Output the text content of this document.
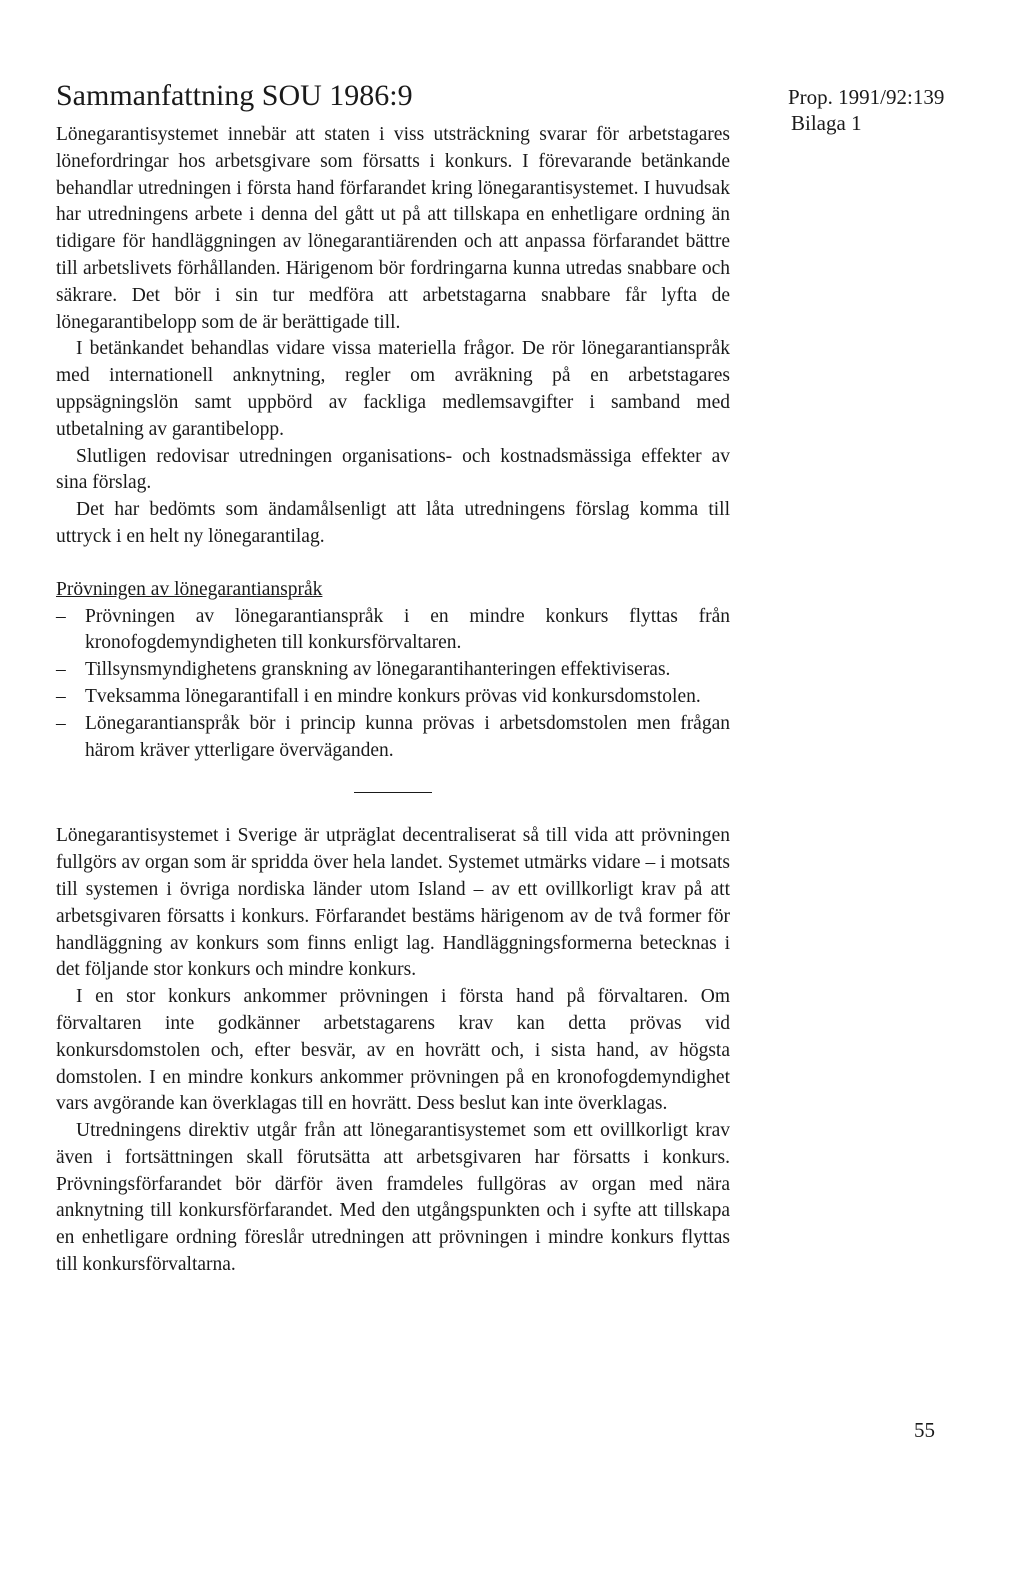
Sammanfattning SOU 1986:9

Lönegarantisystemet innebär att staten i viss utsträckning svarar för arbetstagares lönefordringar hos arbetsgivare som försatts i konkurs. I förevarande betänkande behandlar utredningen i första hand förfarandet kring lönegarantisystemet. I huvudsak har utredningens arbete i denna del gått ut på att tillskapa en enhetligare ordning än tidigare för handläggningen av lönegarantiärenden och att anpassa förfarandet bättre till arbetslivets förhållanden. Härigenom bör fordringarna kunna utredas snabbare och säkrare. Det bör i sin tur medföra att arbetstagarna snabbare får lyfta de lönegarantibelopp som de är berättigade till.

I betänkandet behandlas vidare vissa materiella frågor. De rör lönegarantianspråk med internationell anknytning, regler om avräkning på en arbetstagares uppsägningslön samt uppbörd av fackliga medlemsavgifter i samband med utbetalning av garantibelopp.

Slutligen redovisar utredningen organisations- och kostnadsmässiga effekter av sina förslag.

Det har bedömts som ändamålsenligt att låta utredningens förslag komma till uttryck i en helt ny lönegarantilag.

Prövningen av lönegarantianspråk

– Prövningen av lönegarantianspråk i en mindre konkurs flyttas från kronofogdemyndigheten till konkursförvaltaren.
– Tillsynsmyndighetens granskning av lönegarantihanteringen effektiviseras.
– Tveksamma lönegarantifall i en mindre konkurs prövas vid konkursdomstolen.
– Lönegarantianspråk bör i princip kunna prövas i arbetsdomstolen men frågan härom kräver ytterligare överväganden.

Lönegarantisystemet i Sverige är utpräglat decentraliserat så till vida att prövningen fullgörs av organ som är spridda över hela landet. Systemet utmärks vidare – i motsats till systemen i övriga nordiska länder utom Island – av ett ovillkorligt krav på att arbetsgivaren försatts i konkurs. Förfarandet bestäms härigenom av de två former för handläggning av konkurs som finns enligt lag. Handläggningsformerna betecknas i det följande stor konkurs och mindre konkurs.

I en stor konkurs ankommer prövningen i första hand på förvaltaren. Om förvaltaren inte godkänner arbetstagarens krav kan detta prövas vid konkursdomstolen och, efter besvär, av en hovrätt och, i sista hand, av högsta domstolen. I en mindre konkurs ankommer prövningen på en kronofogdemyndighet vars avgörande kan överklagas till en hovrätt. Dess beslut kan inte överklagas.

Utredningens direktiv utgår från att lönegarantisystemet som ett ovillkorligt krav även i fortsättningen skall förutsätta att arbetsgivaren har försatts i konkurs. Prövningsförfarandet bör därför även framdeles fullgöras av organ med nära anknytning till konkursförfarandet. Med den utgångspunkten och i syfte att tillskapa en enhetligare ordning föreslår utredningen att prövningen i mindre konkurs flyttas till konkursförvaltarna.

Prop. 1991/92:139
Bilaga 1
55
